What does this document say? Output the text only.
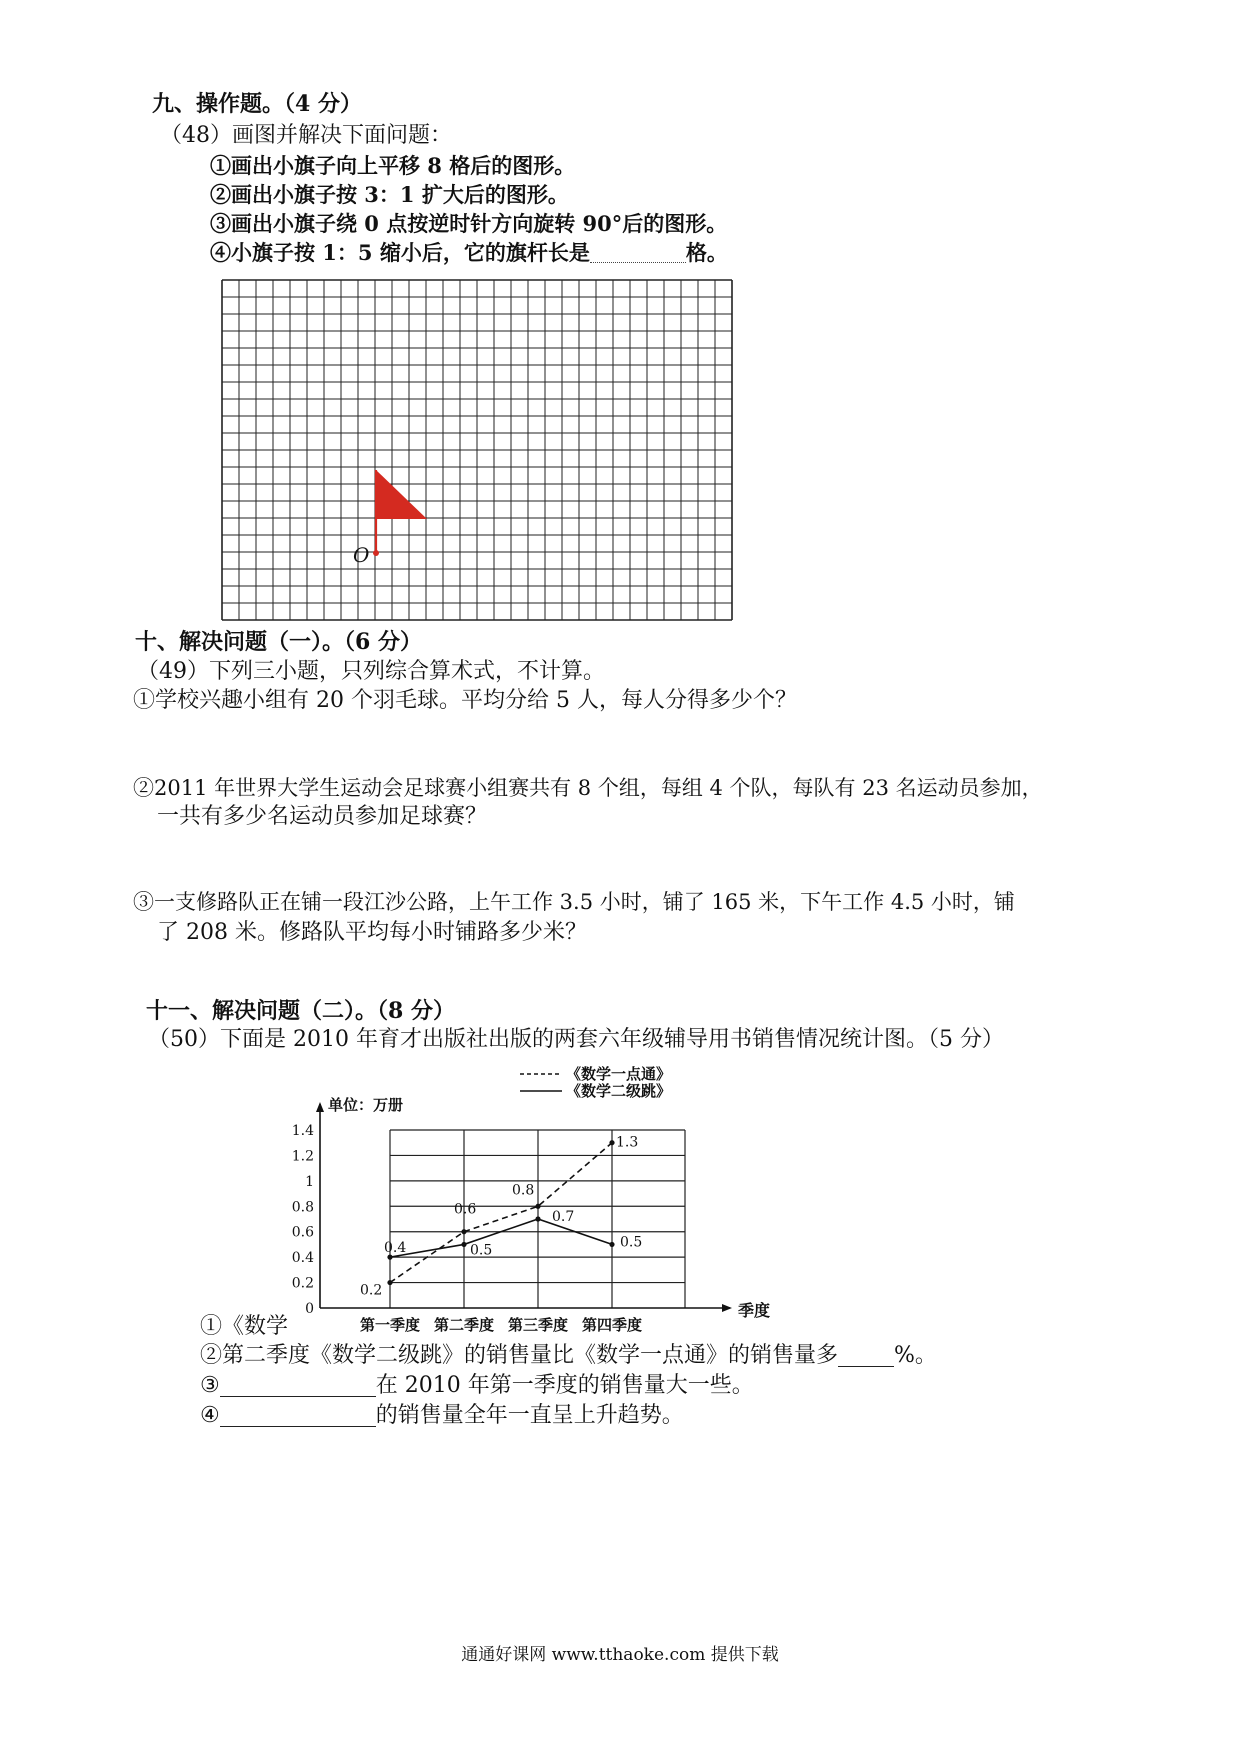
九、操作题。（4 分）
（48）画图并解决下面问题：
①画出小旗子向上平移 8 格后的图形。
②画出小旗子按 3：1 扩大后的图形。
③画出小旗子绕 0 点按逆时针方向旋转 90°后的图形。
④小旗子按 1：5 缩小后，它的旗杆长是	格。
O
十、解决问题（一）。（6 分）
（49）下列三小题，只列综合算术式，不计算。
①学校兴趣小组有 20 个羽毛球。平均分给 5 人，每人分得多少个？
②2011 年世界大学生运动会足球赛小组赛共有 8 个组，每组 4 个队，每队有 23 名运动员参加，
一共有多少名运动员参加足球赛？
③一支修路队正在铺一段江沙公路，上午工作 3.5 小时，铺了 165 米，下午工作 4.5 小时，铺
了 208 米。修路队平均每小时铺路多少米？
十一、解决问题（二）。（8 分）
（50）下面是 2010 年育才出版社出版的两套六年级辅导用书销售情况统计图。（5 分）
《数学一点通》
《数学二级跳》
0
0.2
0.4
0.6
0.8
1
1.2
1.4
单位：万册
季度
第一季度 第二季度 第三季度 第四季度
0.2
0.6
0.8
1.3
0.4	0.5
0.7
0.5
①《数学
②第二季度《数学二级跳》的销售量比《数学一点通》的销售量多	%。
③	在 2010 年第一季度的销售量大一些。
④	的销售量全年一直呈上升趋势。
通通好课网 www.tthaoke.com 提供下载
